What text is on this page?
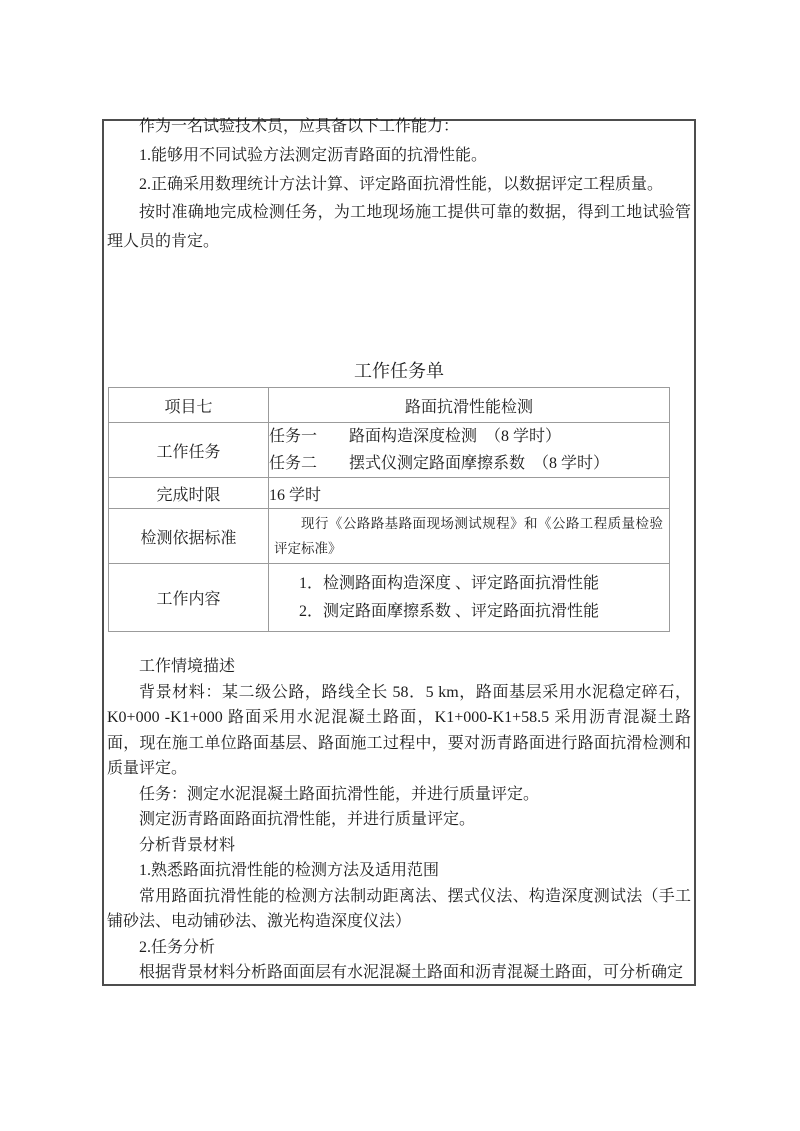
作为一名试验技术员，应具备以下工作能力：

1.能够用不同试验方法测定沥青路面的抗滑性能。

2.正确采用数理统计方法计算、评定路面抗滑性能，以数据评定工程质量。

按时准确地完成检测任务，为工地现场施工提供可靠的数据，得到工地试验管理人员的肯定。

工作任务单
项目七	路面抗滑性能检测
工作任务	任务一　　路面构造深度检测　（8 学时）
任务二　　摆式仪测定路面摩擦系数　（8 学时）

完成时限	16 学时
检测依据标准	现行《公路路基路面现场测试规程》和《公路工程质量检验评定标准》

工作内容	1．检测路面构造深度 、评定路面抗滑性能
2．测定路面摩擦系数 、评定路面抗滑性能

工作情境描述

背景材料：某二级公路，路线全长 58．5 km，路面基层采用水泥稳定碎石，K0+000 -K1+000 路面采用水泥混凝土路面，K1+000-K1+58.5 采用沥青混凝土路面，现在施工单位路面基层、路面施工过程中，要对沥青路面进行路面抗滑检测和质量评定。

任务：测定水泥混凝土路面抗滑性能，并进行质量评定。

测定沥青路面路面抗滑性能，并进行质量评定。

分析背景材料

1.熟悉路面抗滑性能的检测方法及适用范围

常用路面抗滑性能的检测方法制动距离法、摆式仪法、构造深度测试法（手工铺砂法、电动铺砂法、激光构造深度仪法）

2.任务分析

根据背景材料分析路面面层有水泥混凝土路面和沥青混凝土路面，可分析确定
